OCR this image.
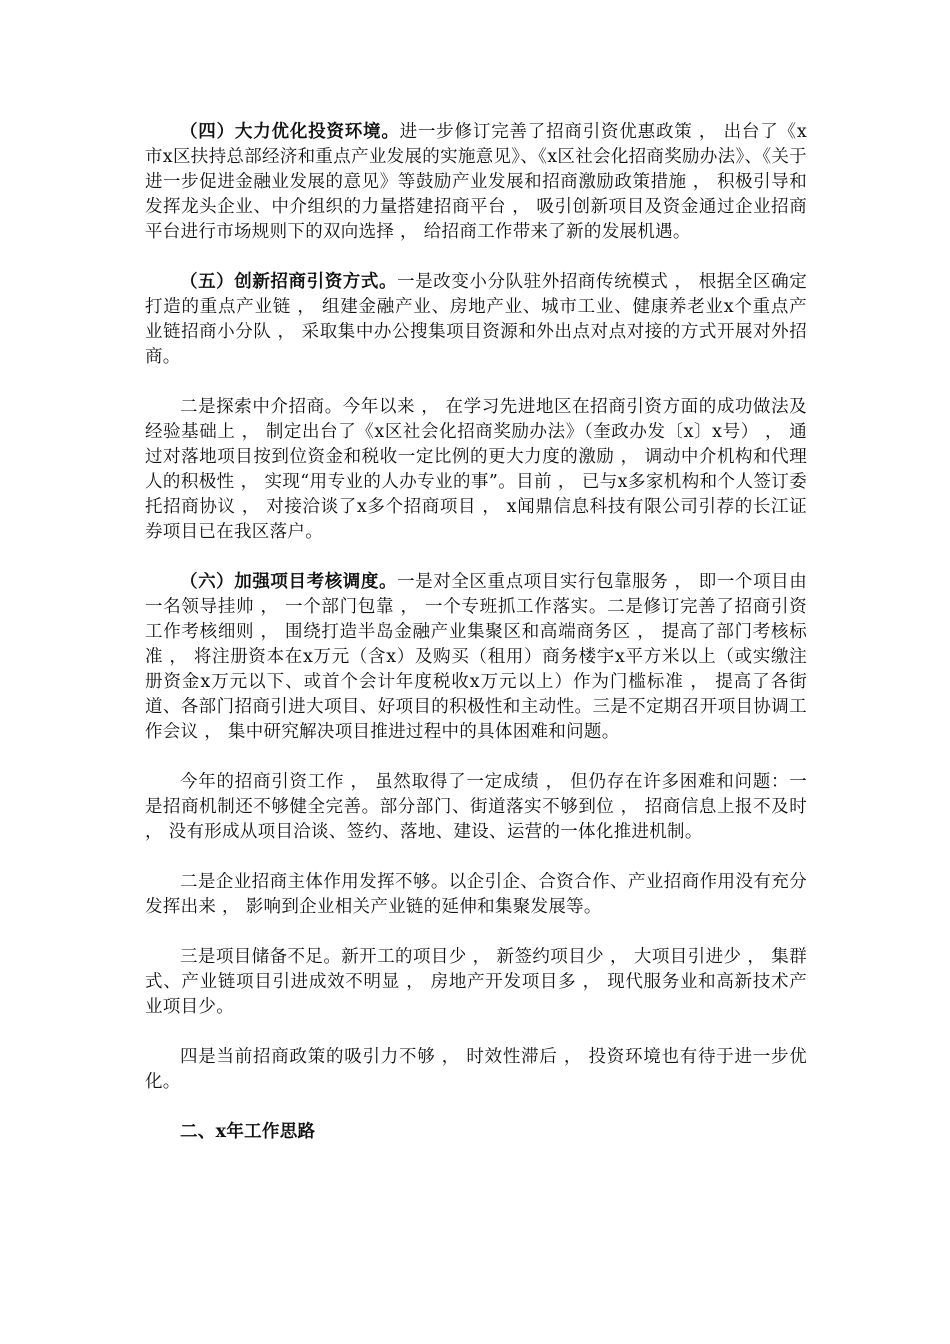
（四）大力优化投资环境。进一步修订完善了招商引资优惠政策 ， 出台了《x市x区扶持总部经济和重点产业发展的实施意见》、《x区社会化招商奖励办法》、《关于进一步促进金融业发展的意见》等鼓励产业发展和招商激励政策措施 ， 积极引导和发挥龙头企业、中介组织的力量搭建招商平台 ， 吸引创新项目及资金通过企业招商平台进行市场规则下的双向选择 ， 给招商工作带来了新的发展机遇。

（五）创新招商引资方式。一是改变小分队驻外招商传统模式 ， 根据全区确定打造的重点产业链 ， 组建金融产业、房地产业、城市工业、健康养老业x个重点产业链招商小分队 ， 采取集中办公搜集项目资源和外出点对点对接的方式开展对外招商。

二是探索中介招商。今年以来 ， 在学习先进地区在招商引资方面的成功做法及经验基础上 ， 制定出台了《x区社会化招商奖励办法》（奎政办发〔x〕x号） ， 通过对落地项目按到位资金和税收一定比例的更大力度的激励 ， 调动中介机构和代理人的积极性 ， 实现“用专业的人办专业的事”。目前 ， 已与x多家机构和个人签订委托招商协议 ， 对接洽谈了x多个招商项目 ， x闻鼎信息科技有限公司引荐的长江证券项目已在我区落户。

（六）加强项目考核调度。一是对全区重点项目实行包靠服务 ， 即一个项目由一名领导挂帅 ， 一个部门包靠 ， 一个专班抓工作落实。二是修订完善了招商引资工作考核细则 ， 围绕打造半岛金融产业集聚区和高端商务区 ， 提高了部门考核标准 ， 将注册资本在x万元（含x）及购买（租用）商务楼宇x平方米以上（或实缴注册资金x万元以下、或首个会计年度税收x万元以上）作为门槛标准 ， 提高了各街道、各部门招商引进大项目、好项目的积极性和主动性。三是不定期召开项目协调工作会议 ， 集中研究解决项目推进过程中的具体困难和问题。

今年的招商引资工作 ， 虽然取得了一定成绩 ， 但仍存在许多困难和问题：一是招商机制还不够健全完善。部分部门、街道落实不够到位 ， 招商信息上报不及时 ， 没有形成从项目洽谈、签约、落地、建设、运营的一体化推进机制。

二是企业招商主体作用发挥不够。以企引企、合资合作、产业招商作用没有充分发挥出来 ， 影响到企业相关产业链的延伸和集聚发展等。

三是项目储备不足。新开工的项目少 ， 新签约项目少 ， 大项目引进少 ， 集群式、产业链项目引进成效不明显 ， 房地产开发项目多 ， 现代服务业和高新技术产业项目少。

四是当前招商政策的吸引力不够 ， 时效性滞后 ， 投资环境也有待于进一步优化。

二、x年工作思路
